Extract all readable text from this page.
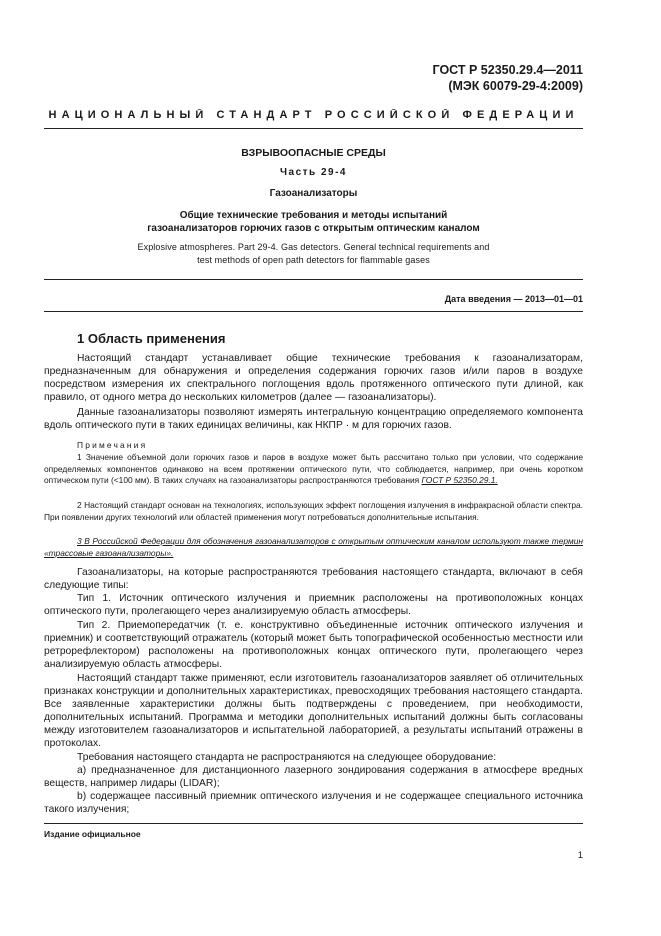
ГОСТ Р 52350.29.4—2011
(МЭК 60079-29-4:2009)
НАЦИОНАЛЬНЫЙ СТАНДАРТ РОССИЙСКОЙ ФЕДЕРАЦИИ
ВЗРЫВООПАСНЫЕ СРЕДЫ
Часть 29-4
Газоанализаторы
Общие технические требования и методы испытаний
газоанализаторов горючих газов с открытым оптическим каналом
Explosive atmospheres. Part 29-4. Gas detectors. General technical requirements and
test methods of open path detectors for flammable gases
Дата введения — 2013—01—01
1 Область применения

Настоящий стандарт устанавливает общие технические требования к газоанализаторам, предназначенным для обнаружения и определения содержания горючих газов и/или паров в воздухе посредством измерения их спектрального поглощения вдоль протяженного оптического пути длиной, как правило, от одного метра до нескольких километров (далее — газоанализаторы).

Данные газоанализаторы позволяют измерять интегральную концентрацию определяемого компонента вдоль оптического пути в таких единицах величины, как НКПР · м для горючих газов.

Примечания

1 Значение объемной доли горючих газов и паров в воздухе может быть рассчитано только при условии, что содержание определяемых компонентов одинаково на всем протяжении оптического пути, что соблюдается, например, при очень коротком оптическом пути (<100 мм). В таких случаях на газоанализаторы распространяются требования ГОСТ Р 52350.29.1.

2 Настоящий стандарт основан на технологиях, использующих эффект поглощения излучения в инфракрасной области спектра. При появлении других технологий или областей применения могут потребоваться дополнительные испытания.

3 В Российской Федерации для обозначения газоанализаторов с открытым оптическим каналом используют также термин «трассовые газоанализаторы».

Газоанализаторы, на которые распространяются требования настоящего стандарта, включают в себя следующие типы:

Тип 1. Источник оптического излучения и приемник расположены на противоположных концах оптического пути, пролегающего через анализируемую область атмосферы.

Тип 2. Приемопередатчик (т. е. конструктивно объединенные источник оптического излучения и приемник) и соответствующий отражатель (который может быть топографической особенностью местности или ретрорефлектором) расположены на противоположных концах оптического пути, пролегающего через анализируемую область атмосферы.

Настоящий стандарт также применяют, если изготовитель газоанализаторов заявляет об отличительных признаках конструкции и дополнительных характеристиках, превосходящих требования настоящего стандарта. Все заявленные характеристики должны быть подтверждены с проведением, при необходимости, дополнительных испытаний. Программа и методики дополнительных испытаний должны быть согласованы между изготовителем газоанализаторов и испытательной лабораторией, а результаты испытаний отражены в протоколах.

Требования настоящего стандарта не распространяются на следующее оборудование:

а) предназначенное для дистанционного лазерного зондирования содержания в атмосфере вредных веществ, например лидары (LIDAR);

b) содержащее пассивный приемник оптического излучения и не содержащее специального источника такого излучения;

Издание официальное
1
